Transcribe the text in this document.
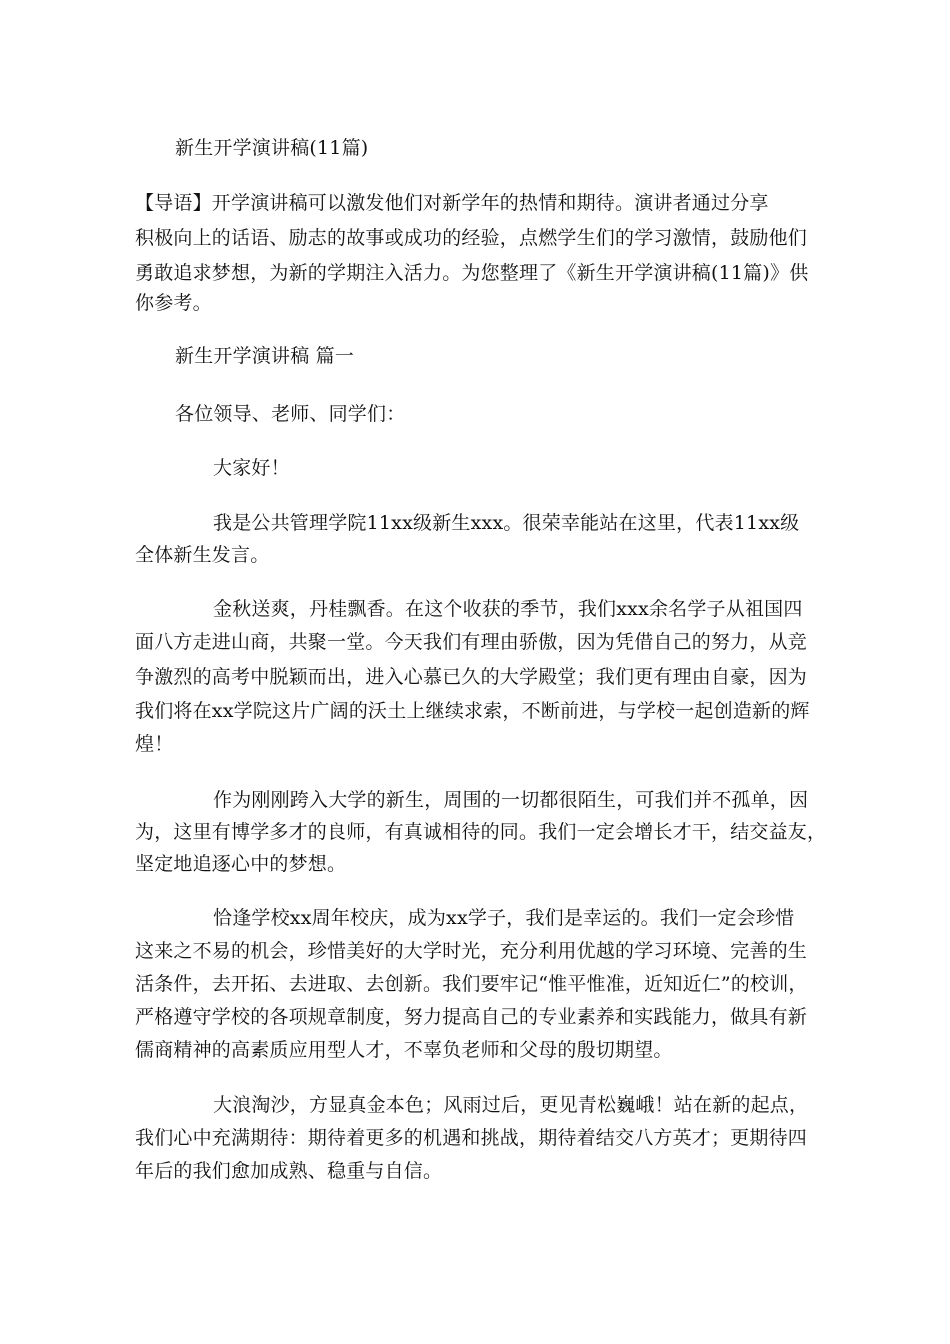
新生开学演讲稿(11篇)
【导语】开学演讲稿可以激发他们对新学年的热情和期待。演讲者通过分享
积极向上的话语、励志的故事或成功的经验，点燃学生们的学习激情，鼓励他们
勇敢追求梦想，为新的学期注入活力。为您整理了《新生开学演讲稿(11篇)》供
你参考。
新生开学演讲稿 篇一
各位领导、老师、同学们：
大家好！
我是公共管理学院11xx级新生xxx。很荣幸能站在这里，代表11xx级
全体新生发言。
金秋送爽，丹桂飘香。在这个收获的季节，我们xxx余名学子从祖国四
面八方走进山商，共聚一堂。今天我们有理由骄傲，因为凭借自己的努力，从竞
争激烈的高考中脱颖而出，进入心慕已久的大学殿堂；我们更有理由自豪，因为
我们将在xx学院这片广阔的沃土上继续求索，不断前进，与学校一起创造新的辉
煌！
作为刚刚跨入大学的新生，周围的一切都很陌生，可我们并不孤单，因
为，这里有博学多才的良师，有真诚相待的同。我们一定会增长才干，结交益友，
坚定地追逐心中的梦想。
恰逢学校xx周年校庆，成为xx学子，我们是幸运的。我们一定会珍惜
这来之不易的机会，珍惜美好的大学时光，充分利用优越的学习环境、完善的生
活条件，去开拓、去进取、去创新。我们要牢记“惟平惟准，近知近仁”的校训，
严格遵守学校的各项规章制度，努力提高自己的专业素养和实践能力，做具有新
儒商精神的高素质应用型人才，不辜负老师和父母的殷切期望。
大浪淘沙，方显真金本色；风雨过后，更见青松巍峨！站在新的起点，
我们心中充满期待：期待着更多的机遇和挑战，期待着结交八方英才；更期待四
年后的我们愈加成熟、稳重与自信。
